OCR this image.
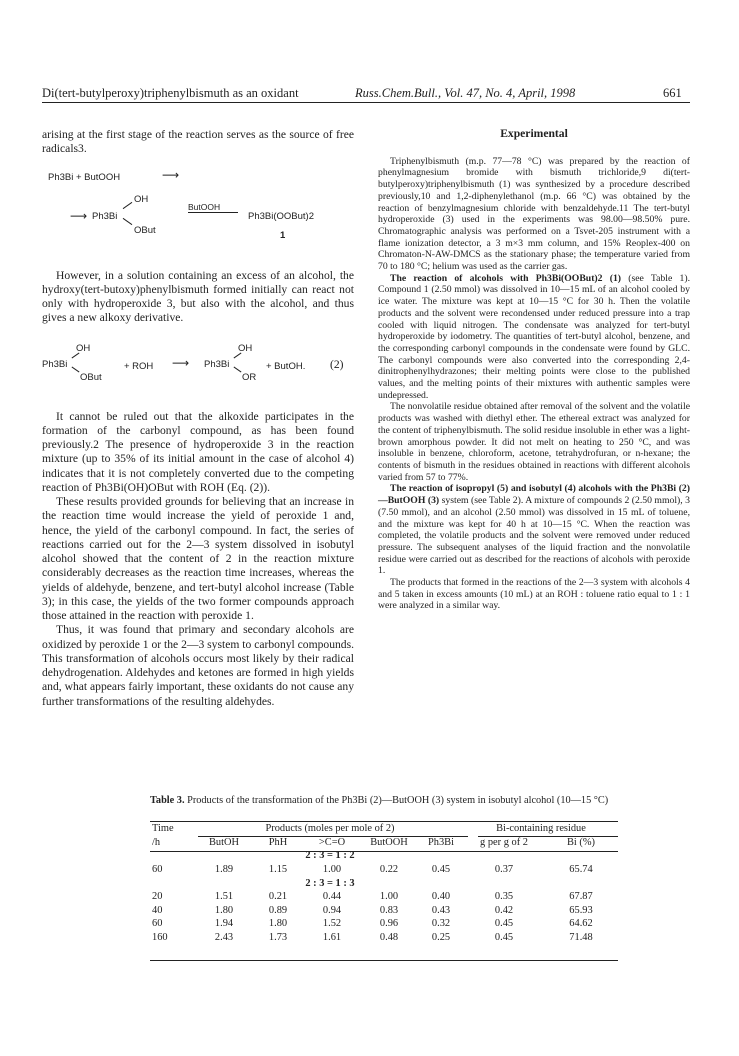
Di(tert-butylperoxy)triphenylbismuth as an oxidant	Russ.Chem.Bull., Vol. 47, No. 4, April, 1998	661

arising at the first stage of the reaction serves as the source of free radicals3.

Ph3Bi + ButOOH	⟶
⟶
OH
Ph3Bi
OBut
ButOOH
Ph3Bi(OOBut)2
1

However, in a solution containing an excess of an alcohol, the hydroxy(tert-butoxy)phenylbismuth formed initially can react not only with hydroperoxide 3, but also with the alcohol, and thus gives a new alkoxy derivative.

OH
Ph3Bi
OBut
+ ROH ⟶
OH
Ph3Bi
OR
+ ButOH. (2)

It cannot be ruled out that the alkoxide participates in the formation of the carbonyl compound, as has been found previously.2 The presence of hydroperoxide 3 in the reaction mixture (up to 35% of its initial amount in the case of alcohol 4) indicates that it is not completely converted due to the competing reaction of Ph3Bi(OH)OBut with ROH (Eq. (2)).

These results provided grounds for believing that an increase in the reaction time would increase the yield of peroxide 1 and, hence, the yield of the carbonyl compound. In fact, the series of reactions carried out for the 2—3 system dissolved in isobutyl alcohol showed that the content of 2 in the reaction mixture considerably decreases as the reaction time increases, whereas the yields of aldehyde, benzene, and tert-butyl alcohol increase (Table 3); in this case, the yields of the two former compounds approach those attained in the reaction with peroxide 1.

Thus, it was found that primary and secondary alcohols are oxidized by peroxide 1 or the 2—3 system to carbonyl compounds. This transformation of alcohols occurs most likely by their radical dehydrogenation. Aldehydes and ketones are formed in high yields and, what appears fairly important, these oxidants do not cause any further transformations of the resulting aldehydes.

Experimental

Triphenylbismuth (m.p. 77—78 °C) was prepared by the reaction of phenylmagnesium bromide with bismuth trichloride,9 di(tert-butylperoxy)triphenylbismuth (1) was synthesized by a procedure described previously,10 and 1,2-diphenylethanol (m.p. 66 °C) was obtained by the reaction of benzylmagnesium chloride with benzaldehyde.11 The tert-butyl hydroperoxide (3) used in the experiments was 98.00—98.50% pure. Chromatographic analysis was performed on a Tsvet-205 instrument with a flame ionization detector, a 3 m×3 mm column, and 15% Reoplex-400 on Chromaton-N-AW-DMCS as the stationary phase; the temperature varied from 70 to 180 °C; helium was used as the carrier gas.

The reaction of alcohols with Ph3Bi(OOBut)2 (1) (see Table 1). Compound 1 (2.50 mmol) was dissolved in 10—15 mL of an alcohol cooled by ice water. The mixture was kept at 10—15 °C for 30 h. Then the volatile products and the solvent were recondensed under reduced pressure into a trap cooled with liquid nitrogen. The condensate was analyzed for tert-butyl hydroperoxide by iodometry. The quantities of tert-butyl alcohol, benzene, and the corresponding carbonyl compounds in the condensate were found by GLC. The carbonyl compounds were also converted into the corresponding 2,4-dinitrophenylhydrazones; their melting points were close to the published values, and the melting points of their mixtures with authentic samples were undepressed.

The nonvolatile residue obtained after removal of the solvent and the volatile products was washed with diethyl ether. The ethereal extract was analyzed for the content of triphenylbismuth. The solid residue insoluble in ether was a light-brown amorphous powder. It did not melt on heating to 250 °C, and was insoluble in benzene, chloroform, acetone, tetrahydrofuran, or n-hexane; the contents of bismuth in the residues obtained in reactions with different alcohols varied from 57 to 77%.

The reaction of isopropyl (5) and isobutyl (4) alcohols with the Ph3Bi (2)—ButOOH (3) system (see Table 2). A mixture of compounds 2 (2.50 mmol), 3 (7.50 mmol), and an alcohol (2.50 mmol) was dissolved in 15 mL of toluene, and the mixture was kept for 40 h at 10—15 °C. When the reaction was completed, the volatile products and the solvent were removed under reduced pressure. The subsequent analyses of the liquid fraction and the nonvolatile residue were carried out as described for the reactions of alcohols with peroxide 1.

The products that formed in the reactions of the 2—3 system with alcohols 4 and 5 taken in excess amounts (10 mL) at an ROH : toluene ratio equal to 1 : 1 were analyzed in a similar way.

Table 3. Products of the transformation of the Ph3Bi (2)—ButOOH (3) system in isobutyl alcohol (10—15 °C)
Time	Products (moles per mole of 2)					Bi-containing residue	
/h	ButOH	PhH	>C=O	ButOOH	Ph3Bi	g per g of 2	Bi (%)
	2 : 3 = 1 : 2						
60	1.89	1.15	1.00	0.22	0.45	0.37	65.74
	2 : 3 = 1 : 3						
20	1.51	0.21	0.44	1.00	0.40	0.35	67.87
40	1.80	0.89	0.94	0.83	0.43	0.42	65.93
60	1.94	1.80	1.52	0.96	0.32	0.45	64.62
160	2.43	1.73	1.61	0.48	0.25	0.45	71.48
